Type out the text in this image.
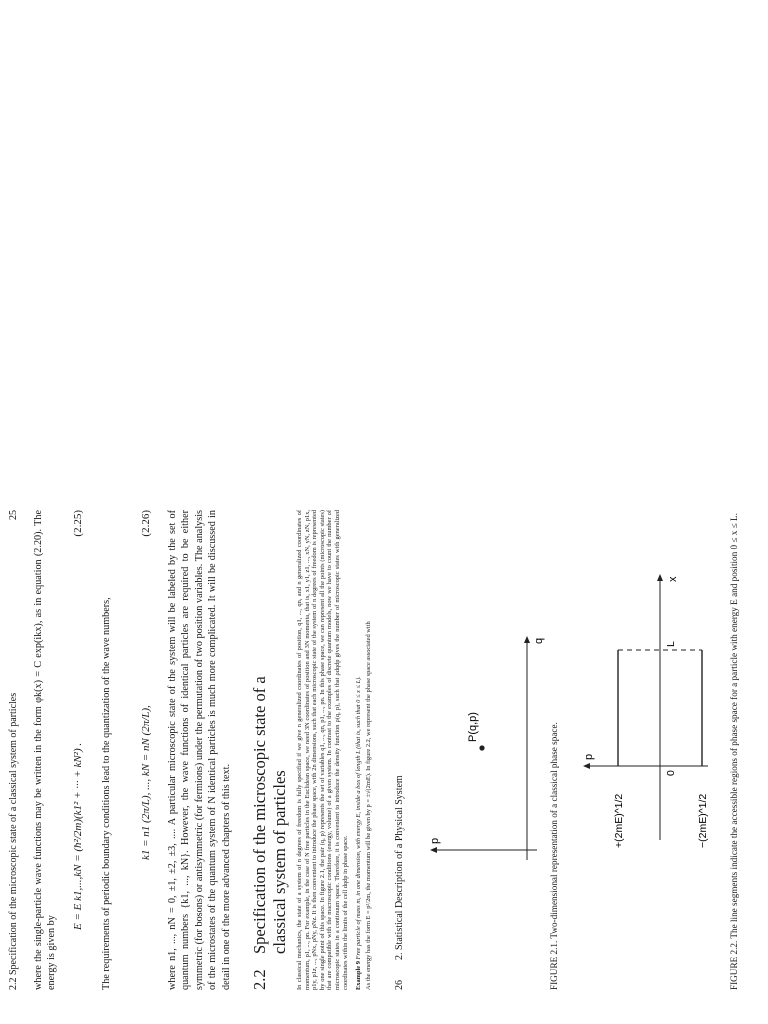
2.2 Specification of the microscopic state of a classical system of particles
25 where the single-particle wave functions may be written in the form φk(x) = C exp(ikx), as in equation (2.20). The energy is given by

E = E k1,...,kN = (ħ²/2m)(k1² + ··· + kN²) .
(2.25)

The requirements of periodic boundary conditions lead to the quantization of the wave numbers,	k1 = n1 (2π/L), ..., kN = nN (2π/L),
(2.26) where n1, ..., nN = 0, ±1, ±2, ±3, .... A particular microscopic state of the system will be labeled by the set of quantum numbers {k1, ..., kN}. However, the wave functions of identical particles are required to be either symmetric (for bosons) or antisymmetric (for fermions) under the permutation of two position variables. The analysis of the microstates of the quantum system of N identical particles is much more complicated. It will be discussed in detail in one of the more advanced chapters of this text. 2.2Specification of the microscopic state of a
classical system of particles In classical mechanics, the state of a system of n degrees of freedom is fully specified if we give n generalized coordinates of position, q1, ..., qn, and n generalized coordinates of momentum, p1, ..., pn. For example, in the case of N free particles in the Euclidean space, we need 3N coordinates of position and 3N momenta, that is, x1, y1, z1, ..., xN, yN, zN, p1x, p1y, p1z, ..., pNx, pNy, pNz. It is then convenient to introduce the phase space, with 2n dimensions, such that each microscopic state of the system of n degrees of freedom is represented by one single point of this space. In figure 2.1, the pair (q, p) represents the set of variables q1, ..., qn, p1, ..., pn. In this phase space, we can represent all the points (microscopic states) that are compatible with the macroscopic conditions (energy, volume) of a given system. In contrast to the examples of discrete quantum models, now we have to count the number of microscopic states in a continuum space. Therefore, it is convenient to introduce the density function ρ(q, p), such that ρdqdp gives the number of microscopic states with generalized coordinates within the limits of the cell dqdp in phase space. Example 9 Free particle of mass m, in one dimension, with energy E, inside a box of length L (that is, such that 0 ≤ x ≤ L). As the energy has the form E = p²/2m, the momentum will be given by p = ±√(2mE). In figure 2.2, we represent the phase space associated with 26
2. Statistical Description of a Physical System p
q
P(q,p)	FIGURE 2.1. Two-dimensional representation of a classical phase space. p
x
+(2mE)^1/2	−(2mE)^1/2
0
L	FIGURE 2.2. The line segments indicate the accessible regions of phase space for a particle with energy E and position 0 ≤ x ≤ L.
